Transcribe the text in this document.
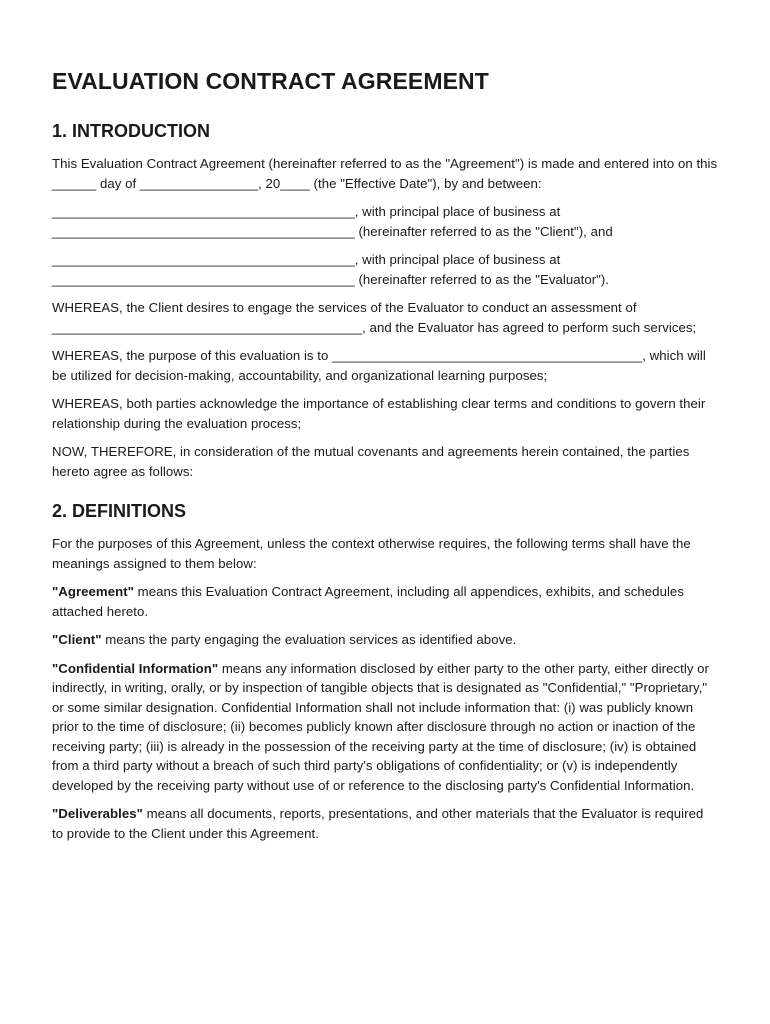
EVALUATION CONTRACT AGREEMENT
1. INTRODUCTION

This Evaluation Contract Agreement (hereinafter referred to as the "Agreement") is made and entered into on this ______ day of ________________, 20____ (the "Effective Date"), by and between:

_________________________________________, with principal place of business at _________________________________________ (hereinafter referred to as the "Client"), and

_________________________________________, with principal place of business at _________________________________________ (hereinafter referred to as the "Evaluator").

WHEREAS, the Client desires to engage the services of the Evaluator to conduct an assessment of __________________________________________, and the Evaluator has agreed to perform such services;

WHEREAS, the purpose of this evaluation is to __________________________________________, which will be utilized for decision-making, accountability, and organizational learning purposes;

WHEREAS, both parties acknowledge the importance of establishing clear terms and conditions to govern their relationship during the evaluation process;

NOW, THEREFORE, in consideration of the mutual covenants and agreements herein contained, the parties hereto agree as follows:

2. DEFINITIONS

For the purposes of this Agreement, unless the context otherwise requires, the following terms shall have the meanings assigned to them below:

"Agreement" means this Evaluation Contract Agreement, including all appendices, exhibits, and schedules attached hereto.

"Client" means the party engaging the evaluation services as identified above.

"Confidential Information" means any information disclosed by either party to the other party, either directly or indirectly, in writing, orally, or by inspection of tangible objects that is designated as "Confidential," "Proprietary," or some similar designation. Confidential Information shall not include information that: (i) was publicly known prior to the time of disclosure; (ii) becomes publicly known after disclosure through no action or inaction of the receiving party; (iii) is already in the possession of the receiving party at the time of disclosure; (iv) is obtained from a third party without a breach of such third party's obligations of confidentiality; or (v) is independently developed by the receiving party without use of or reference to the disclosing party's Confidential Information.

"Deliverables" means all documents, reports, presentations, and other materials that the Evaluator is required to provide to the Client under this Agreement.
